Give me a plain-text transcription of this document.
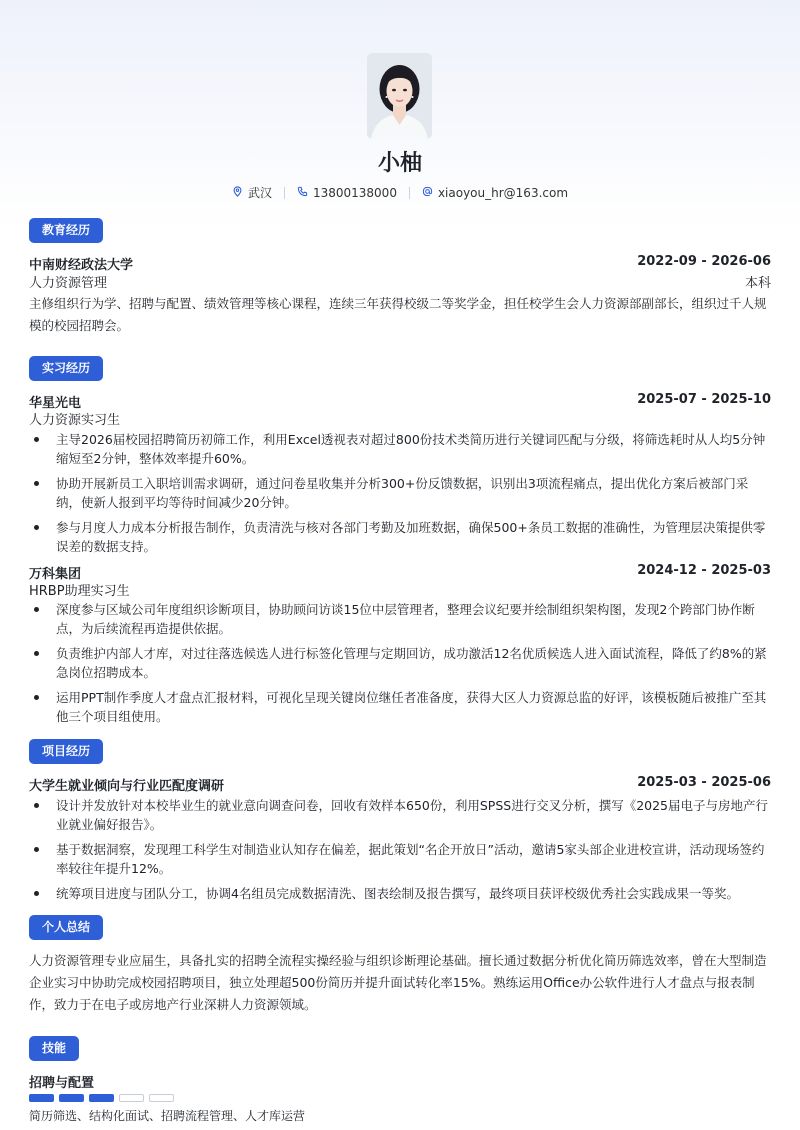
小柚
武汉	13800138000	xiaoyou_hr@163.com
教育经历
中南财经政法大学	2022-09 - 2026-06
人力资源管理	本科
主修组织行为学、招聘与配置、绩效管理等核心课程，连续三年获得校级二等奖学金，担任校学生会人力资源部副部长，组织过千人规模的校园招聘会。
实习经历
华星光电	2025-07 - 2025-10
人力资源实习生
主导2026届校园招聘简历初筛工作，利用Excel透视表对超过800份技术类简历进行关键词匹配与分级，将筛选耗时从人均5分钟缩短至2分钟，整体效率提升60%。
协助开展新员工入职培训需求调研，通过问卷星收集并分析300+份反馈数据，识别出3项流程痛点，提出优化方案后被部门采纳，使新人报到平均等待时间减少20分钟。
参与月度人力成本分析报告制作，负责清洗与核对各部门考勤及加班数据，确保500+条员工数据的准确性，为管理层决策提供零误差的数据支持。
万科集团	2024-12 - 2025-03
HRBP助理实习生
深度参与区域公司年度组织诊断项目，协助顾问访谈15位中层管理者，整理会议纪要并绘制组织架构图，发现2个跨部门协作断点，为后续流程再造提供依据。
负责维护内部人才库，对过往落选候选人进行标签化管理与定期回访，成功激活12名优质候选人进入面试流程，降低了约8%的紧急岗位招聘成本。
运用PPT制作季度人才盘点汇报材料，可视化呈现关键岗位继任者准备度，获得大区人力资源总监的好评，该模板随后被推广至其他三个项目组使用。
项目经历
大学生就业倾向与行业匹配度调研	2025-03 - 2025-06
设计并发放针对本校毕业生的就业意向调查问卷，回收有效样本650份，利用SPSS进行交叉分析，撰写《2025届电子与房地产行业就业偏好报告》。
基于数据洞察，发现理工科学生对制造业认知存在偏差，据此策划“名企开放日”活动，邀请5家头部企业进校宣讲，活动现场签约率较往年提升12%。
统筹项目进度与团队分工，协调4名组员完成数据清洗、图表绘制及报告撰写，最终项目获评校级优秀社会实践成果一等奖。
个人总结
人力资源管理专业应届生，具备扎实的招聘全流程实操经验与组织诊断理论基础。擅长通过数据分析优化简历筛选效率，曾在大型制造企业实习中协助完成校园招聘项目，独立处理超500份简历并提升面试转化率15%。熟练运用Office办公软件进行人才盘点与报表制作，致力于在电子或房地产行业深耕人力资源领域。
技能
招聘与配置
简历筛选、结构化面试、招聘流程管理、人才库运营
